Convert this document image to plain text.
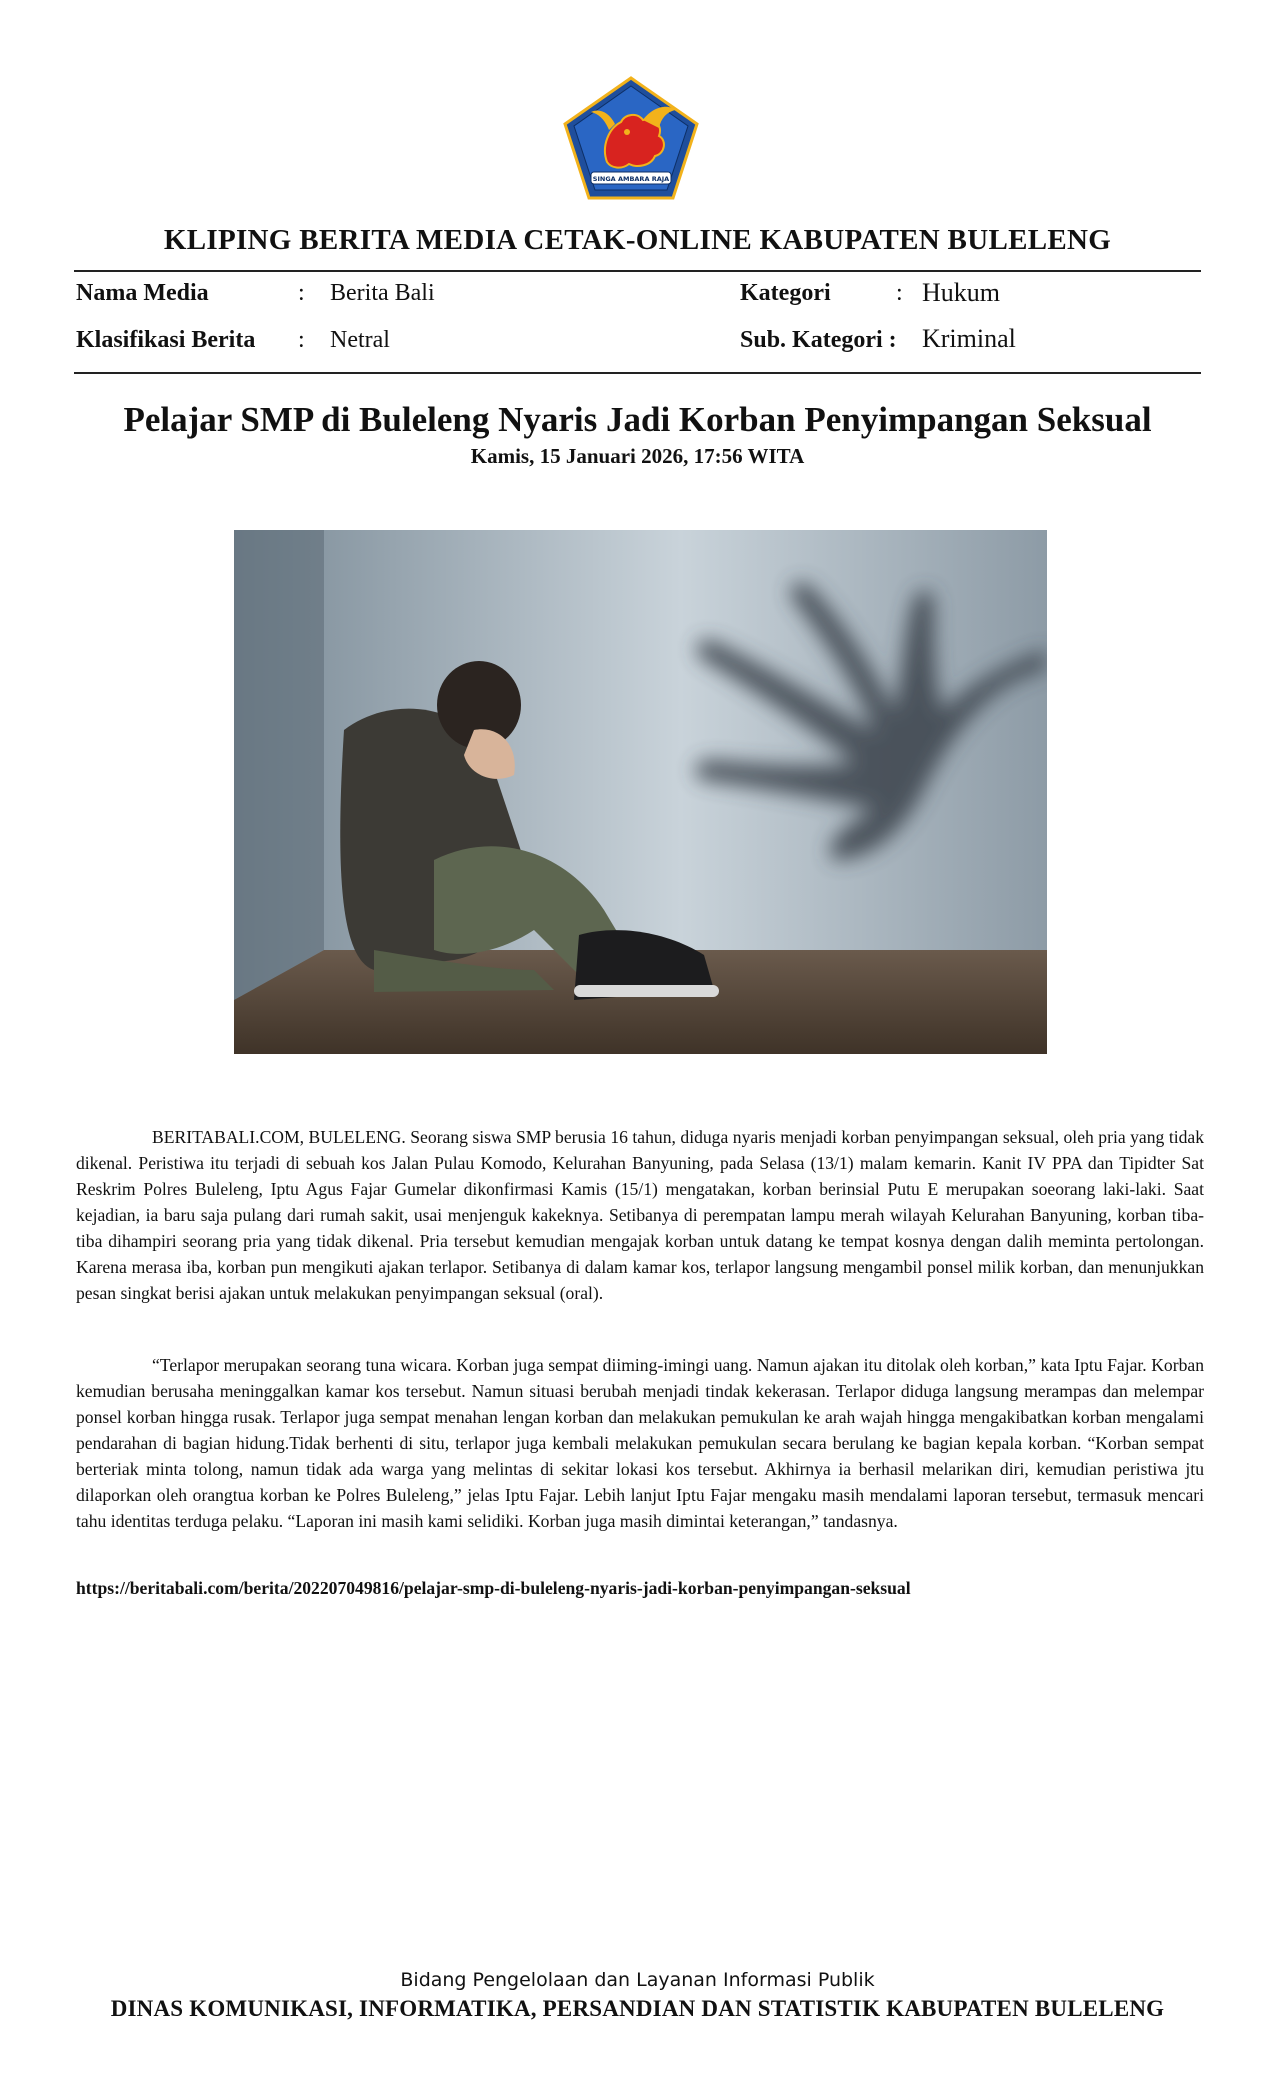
SINGA AMBARA RAJA
KLIPING BERITA MEDIA CETAK-ONLINE KABUPATEN BULELENG
Nama Media	: Berita Bali
Klasifikasi Berita : Netral
Kategori	: Hukum
Sub. Kategori : Kriminal
Pelajar SMP di Buleleng Nyaris Jadi Korban Penyimpangan Seksual
Kamis, 15 Januari 2026, 17:56 WITA

BERITABALI.COM, BULELENG. Seorang siswa SMP berusia 16 tahun, diduga nyaris menjadi korban penyimpangan seksual, oleh pria yang tidak dikenal. Peristiwa itu terjadi di sebuah kos Jalan Pulau Komodo, Kelurahan Banyuning, pada Selasa (13/1) malam kemarin. Kanit IV PPA dan Tipidter Sat Reskrim Polres Buleleng, Iptu Agus Fajar Gumelar dikonfirmasi Kamis (15/1) mengatakan, korban berinsial Putu E merupakan soeorang laki-laki. Saat kejadian, ia baru saja pulang dari rumah sakit, usai menjenguk kakeknya. Setibanya di perempatan lampu merah wilayah Kelurahan Banyuning, korban tiba-tiba dihampiri seorang pria yang tidak dikenal. Pria tersebut kemudian mengajak korban untuk datang ke tempat kosnya dengan dalih meminta pertolongan. Karena merasa iba, korban pun mengikuti ajakan terlapor. Setibanya di dalam kamar kos, terlapor langsung mengambil ponsel milik korban, dan menunjukkan pesan singkat berisi ajakan untuk melakukan penyimpangan seksual (oral).

“Terlapor merupakan seorang tuna wicara. Korban juga sempat diiming-imingi uang. Namun ajakan itu ditolak oleh korban,” kata Iptu Fajar. Korban kemudian berusaha meninggalkan kamar kos tersebut. Namun situasi berubah menjadi tindak kekerasan. Terlapor diduga langsung merampas dan melempar ponsel korban hingga rusak. Terlapor juga sempat menahan lengan korban dan melakukan pemukulan ke arah wajah hingga mengakibatkan korban mengalami pendarahan di bagian hidung.Tidak berhenti di situ, terlapor juga kembali melakukan pemukulan secara berulang ke bagian kepala korban. “Korban sempat berteriak minta tolong, namun tidak ada warga yang melintas di sekitar lokasi kos tersebut. Akhirnya ia berhasil melarikan diri, kemudian peristiwa jtu dilaporkan oleh orangtua korban ke Polres Buleleng,” jelas Iptu Fajar. Lebih lanjut Iptu Fajar mengaku masih mendalami laporan tersebut, termasuk mencari tahu identitas terduga pelaku. “Laporan ini masih kami selidiki. Korban juga masih dimintai keterangan,” tandasnya.

https://beritabali.com/berita/202207049816/pelajar-smp-di-buleleng-nyaris-jadi-korban-penyimpangan-seksual
Bidang Pengelolaan dan Layanan Informasi Publik
DINAS KOMUNIKASI, INFORMATIKA, PERSANDIAN DAN STATISTIK KABUPATEN BULELENG
